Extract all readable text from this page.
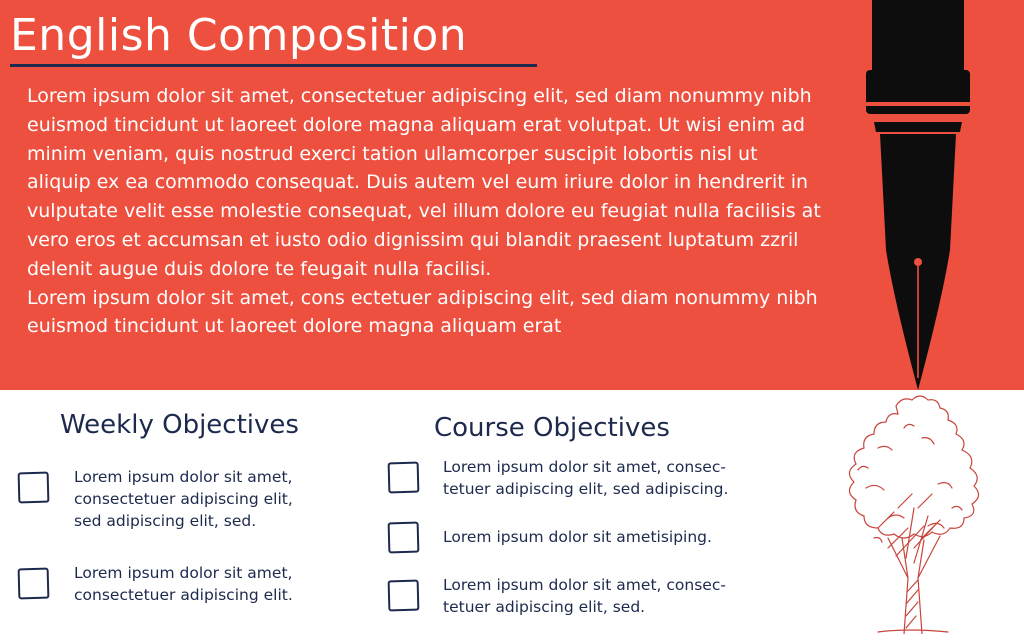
English Composition

Lorem ipsum dolor sit amet, consectetuer adipiscing elit, sed diam nonummy nibh euismod tincidunt ut laoreet dolore magna aliquam erat volutpat. Ut wisi enim ad minim veniam, quis nostrud exerci tation ullamcorper suscipit lobortis nisl ut aliquip ex ea commodo consequat. Duis autem vel eum iriure dolor in hendrerit in vulputate velit esse molestie consequat, vel illum dolore eu feugiat nulla facilisis at vero eros et accumsan et iusto odio dignissim qui blandit praesent luptatum zzril delenit augue duis dolore te feugait nulla facilisi.

Lorem ipsum dolor sit amet, cons ectetuer adipiscing elit, sed diam nonummy nibh euismod tincidunt ut laoreet dolore magna aliquam erat

Weekly Objectives
Lorem ipsum dolor sit amet,
consectetuer adipiscing elit,
sed adipiscing elit, sed.
Lorem ipsum dolor sit amet,
consectetuer adipiscing elit.
Course Objectives
Lorem ipsum dolor sit amet, consec-
tetuer adipiscing elit, sed adipiscing.
Lorem ipsum dolor sit ametisiping.
Lorem ipsum dolor sit amet, consec-
tetuer adipiscing elit, sed.
